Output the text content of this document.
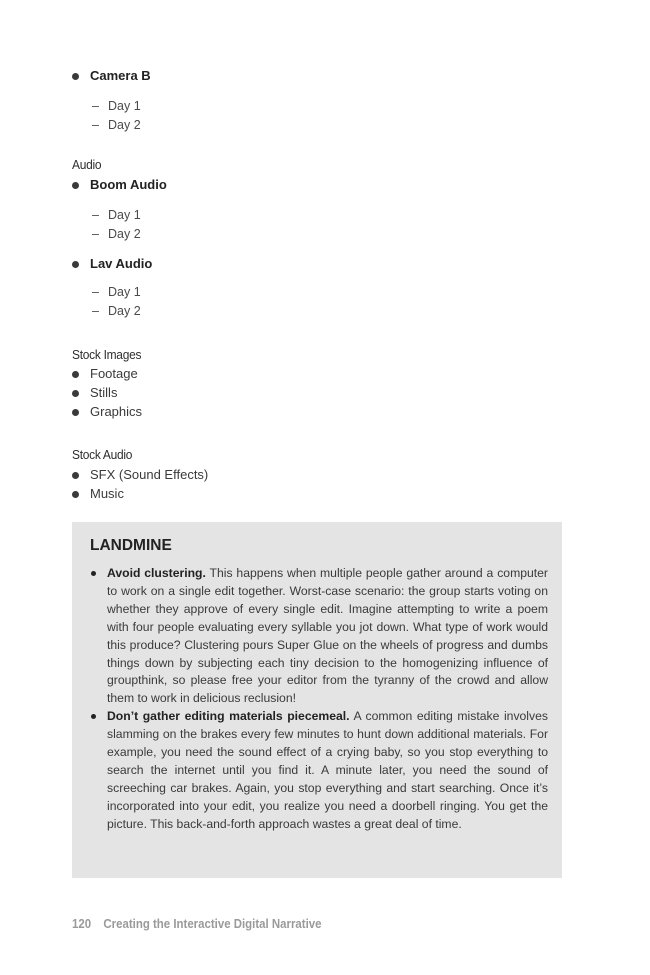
Camera B
– Day 1
– Day 2
Audio
Boom Audio
– Day 1
– Day 2
Lav Audio
– Day 1
– Day 2
Stock Images
Footage
Stills
Graphics
Stock Audio
SFX (Sound Effects)
Music
LANDMINE
Avoid clustering. This happens when multiple people gather around a computer to work on a single edit together. Worst-case scenario: the group starts voting on whether they approve of every single edit. Imagine attempting to write a poem with four people evaluating every syllable you jot down. What type of work would this produce? Clustering pours Super Glue on the wheels of progress and dumbs things down by subjecting each tiny decision to the homogenizing influence of groupthink, so please free your editor from the tyranny of the crowd and allow them to work in delicious reclusion!
Don’t gather editing materials piecemeal. A common editing mistake involves slamming on the brakes every few minutes to hunt down additional materials. For example, you need the sound effect of a crying baby, so you stop everything to search the internet until you find it. A minute later, you need the sound of screeching car brakes. Again, you stop everything and start searching. Once it’s incorporated into your edit, you realize you need a doorbell ringing. You get the picture. This back-and-forth approach wastes a great deal of time.
120 Creating the Interactive Digital Narrative
